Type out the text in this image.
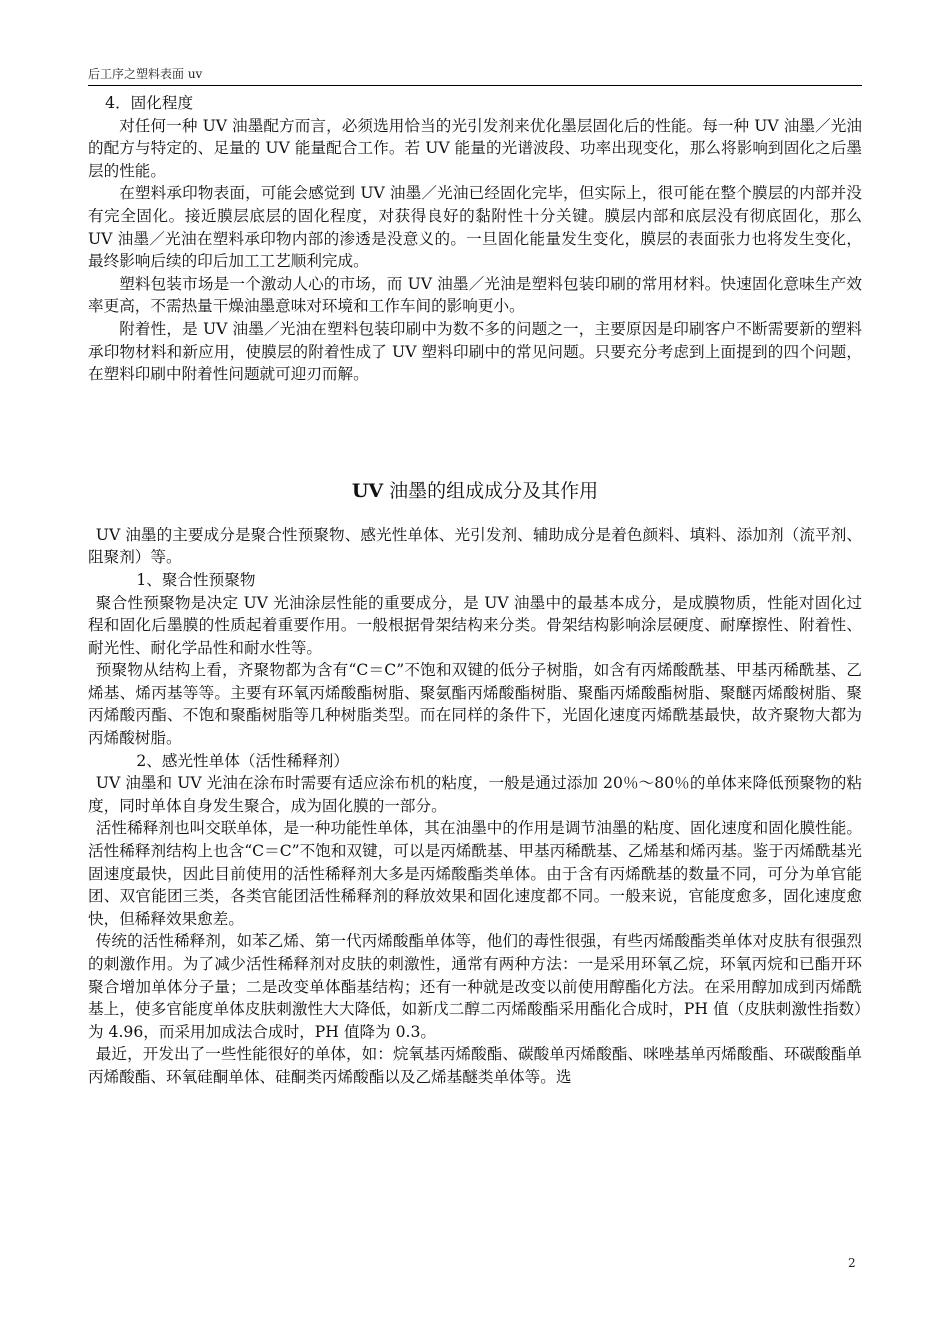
后工序之塑料表面 uv

4．固化程度

对任何一种 UV 油墨配方而言，必须选用恰当的光引发剂来优化墨层固化后的性能。每一种 UV 油墨／光油的配方与特定的、足量的 UV 能量配合工作。若 UV 能量的光谱波段、功率出现变化，那么将影响到固化之后墨层的性能。

在塑料承印物表面，可能会感觉到 UV 油墨／光油已经固化完毕，但实际上，很可能在整个膜层的内部并没有完全固化。接近膜层底层的固化程度，对获得良好的黏附性十分关键。膜层内部和底层没有彻底固化，那么 UV 油墨／光油在塑料承印物内部的渗透是没意义的。一旦固化能量发生变化，膜层的表面张力也将发生变化，最终影响后续的印后加工工艺顺利完成。

塑料包装市场是一个激动人心的市场，而 UV 油墨／光油是塑料包装印刷的常用材料。快速固化意味生产效率更高，不需热量干燥油墨意味对环境和工作车间的影响更小。

附着性，是 UV 油墨／光油在塑料包装印刷中为数不多的问题之一，主要原因是印刷客户不断需要新的塑料承印物材料和新应用，使膜层的附着性成了 UV 塑料印刷中的常见问题。只要充分考虑到上面提到的四个问题，在塑料印刷中附着性问题就可迎刃而解。

UV 油墨的组成成分及其作用

UV 油墨的主要成分是聚合性预聚物、感光性单体、光引发剂、辅助成分是着色颜料、填料、添加剂（流平剂、阻聚剂）等。

1、聚合性预聚物

聚合性预聚物是决定 UV 光油涂层性能的重要成分，是 UV 油墨中的最基本成分，是成膜物质，性能对固化过程和固化后墨膜的性质起着重要作用。一般根据骨架结构来分类。骨架结构影响涂层硬度、耐摩擦性、附着性、耐光性、耐化学品性和耐水性等。

预聚物从结构上看，齐聚物都为含有“C＝C”不饱和双键的低分子树脂，如含有丙烯酸酰基、甲基丙稀酰基、乙烯基、烯丙基等等。主要有环氧丙烯酸酯树脂、聚氨酯丙烯酸酯树脂、聚酯丙烯酸酯树脂、聚醚丙烯酸树脂、聚丙烯酸丙酯、不饱和聚酯树脂等几种树脂类型。而在同样的条件下，光固化速度丙烯酰基最快，故齐聚物大都为丙烯酸树脂。

2、感光性单体（活性稀释剂）

UV 油墨和 UV 光油在涂布时需要有适应涂布机的粘度，一般是通过添加 20％～80％的单体来降低预聚物的粘度，同时单体自身发生聚合，成为固化膜的一部分。

活性稀释剂也叫交联单体，是一种功能性单体，其在油墨中的作用是调节油墨的粘度、固化速度和固化膜性能。活性稀释剂结构上也含“C＝C”不饱和双键，可以是丙烯酰基、甲基丙稀酰基、乙烯基和烯丙基。鉴于丙烯酰基光固速度最快，因此目前使用的活性稀释剂大多是丙烯酸酯类单体。由于含有丙烯酰基的数量不同，可分为单官能团、双官能团三类，各类官能团活性稀释剂的释放效果和固化速度都不同。一般来说，官能度愈多，固化速度愈快，但稀释效果愈差。

传统的活性稀释剂，如苯乙烯、第一代丙烯酸酯单体等，他们的毒性很强，有些丙烯酸酯类单体对皮肤有很强烈的刺激作用。为了减少活性稀释剂对皮肤的刺激性，通常有两种方法：一是采用环氧乙烷，环氧丙烷和已酯开环聚合增加单体分子量；二是改变单体酯基结构；还有一种就是改变以前使用醇酯化方法。在采用醇加成到丙烯酰基上，使多官能度单体皮肤刺激性大大降低，如新戊二醇二丙烯酸酯采用酯化合成时，PH 值（皮肤刺激性指数）为 4.96，而采用加成法合成时，PH 值降为 0.3。

最近，开发出了一些性能很好的单体，如：烷氧基丙烯酸酯、碳酸单丙烯酸酯、咪唑基单丙烯酸酯、环碳酸酯单丙烯酸酯、环氧硅酮单体、硅酮类丙烯酸酯以及乙烯基醚类单体等。选

2
